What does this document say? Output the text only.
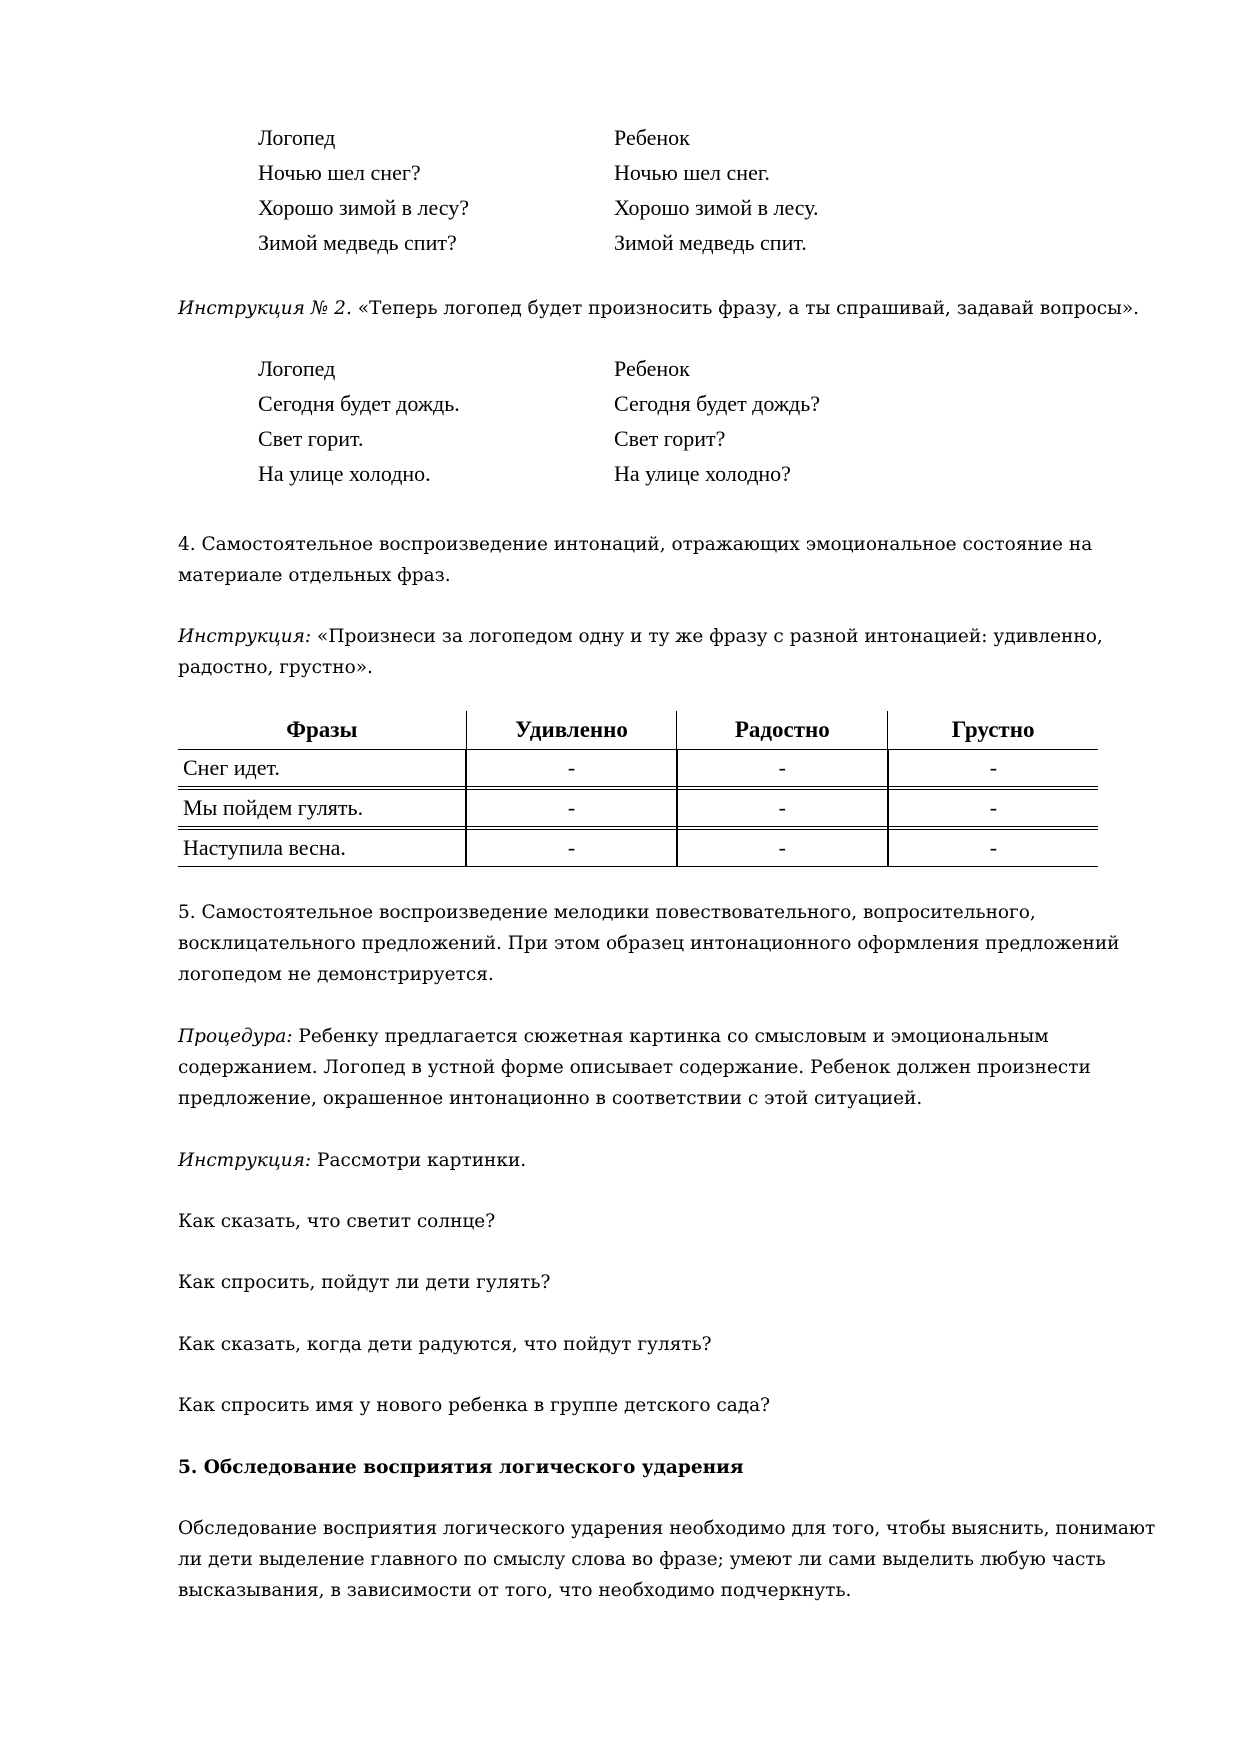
Логопед	Ребенок
Ночью шел снег?	Ночью шел снег.
Хорошо зимой в лесу?	Хорошо зимой в лесу.
Зимой медведь спит?	Зимой медведь спит.

Инструкция № 2. «Теперь логопед будет произносить фразу, а ты спрашивай, задавай вопросы».

Логопед	Ребенок
Сегодня будет дождь.	Сегодня будет дождь?
Свет горит.	Свет горит?
На улице холодно.	На улице холодно?

4. Самостоятельное воспроизведение интонаций, отражающих эмоциональное состояние на материале отдельных фраз.

Инструкция: «Произнеси за логопедом одну и ту же фразу с разной интонацией: удивленно, радостно, грустно».

Фразы	Удивленно	Радостно	Грустно
Снег идет.	-	-	-

Мы пойдем гулять.	-	-	-

Наступила весна.	-	-	-

5. Самостоятельное воспроизведение мелодики повествовательного, вопросительного, восклицательного предложений. При этом образец интонационного оформления предложений логопедом не демонстрируется.

Процедура: Ребенку предлагается сюжетная картинка со смысловым и эмоциональным содержанием. Логопед в устной форме описывает содержание. Ребенок должен произнести предложение, окрашенное интонационно в соответствии с этой ситуацией.

Инструкция: Рассмотри картинки.

Как сказать, что светит солнце?

Как спросить, пойдут ли дети гулять?

Как сказать, когда дети радуются, что пойдут гулять?

Как спросить имя у нового ребенка в группе детского сада?

5. Обследование восприятия логического ударения

Обследование восприятия логического ударения необходимо для того, чтобы выяснить, понимают ли дети выделение главного по смыслу слова во фразе; умеют ли сами выделить любую часть высказывания, в зависимости от того, что необходимо подчеркнуть.
